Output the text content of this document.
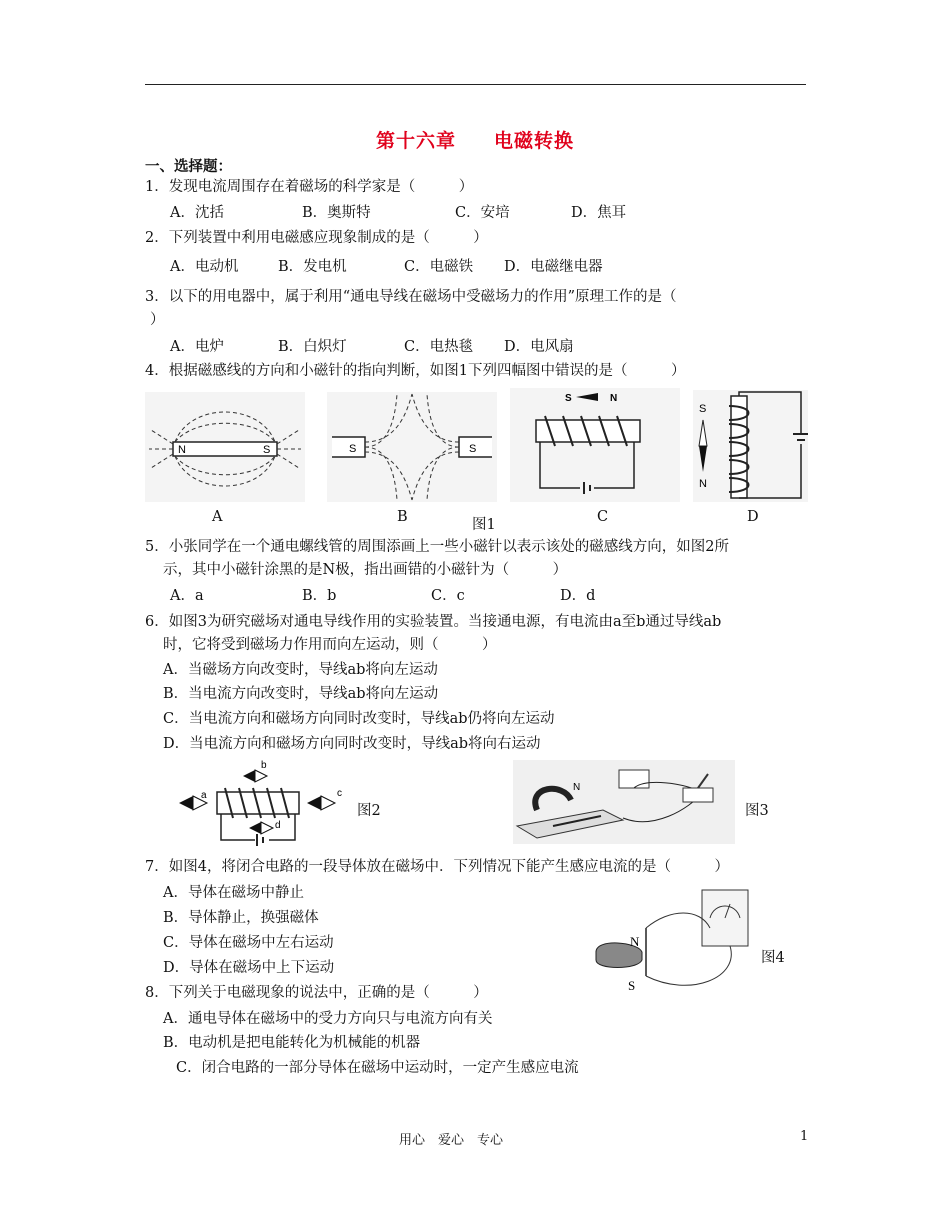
第十六章 电磁转换
一、选择题：
1．发现电流周围存在着磁场的科学家是（　　　）
A．沈括	B．奥斯特	C．安培	D．焦耳
2．下列装置中利用电磁感应现象制成的是（　　　）
A．电动机	B．发电机	C．电磁铁 D．电磁继电器
3．以下的用电器中，属于利用“通电导线在磁场中受磁场力的作用”原理工作的是（
）
A．电炉	B．白炽灯	C．电热毯 D．电风扇
4．根据磁感线的方向和小磁针的指向判断，如图1下列四幅图中错误的是（　　　）
N	S
A
S	S
B
S	N
C
S
N
D
图1
5．小张同学在一个通电螺线管的周围添画上一些小磁针以表示该处的磁感线方向，如图2所
示，其中小磁针涂黑的是N极，指出画错的小磁针为（　　　）
A．a	B．b	C．c	D．d
6．如图3为研究磁场对通电导线作用的实验装置。当接通电源，有电流由a至b通过导线ab
时，它将受到磁场力作用而向左运动，则（　　　）
A．当磁场方向改变时，导线ab将向左运动
B．当电流方向改变时，导线ab将向左运动
C．当电流方向和磁场方向同时改变时，导线ab仍将向左运动
D．当电流方向和磁场方向同时改变时，导线ab将向右运动
b
a	c
d
图2
N
图3
7．如图4，将闭合电路的一段导体放在磁场中．下列情况下能产生感应电流的是（　　　）
A．导体在磁场中静止
B．导体静止，换强磁体
C．导体在磁场中左右运动
D．导体在磁场中上下运动
N
S
图4
8．下列关于电磁现象的说法中，正确的是（　　　）
A．通电导体在磁场中的受力方向只与电流方向有关
B．电动机是把电能转化为机械能的机器
C．闭合电路的一部分导体在磁场中运动时，一定产生感应电流
用心　爱心　专心	1
